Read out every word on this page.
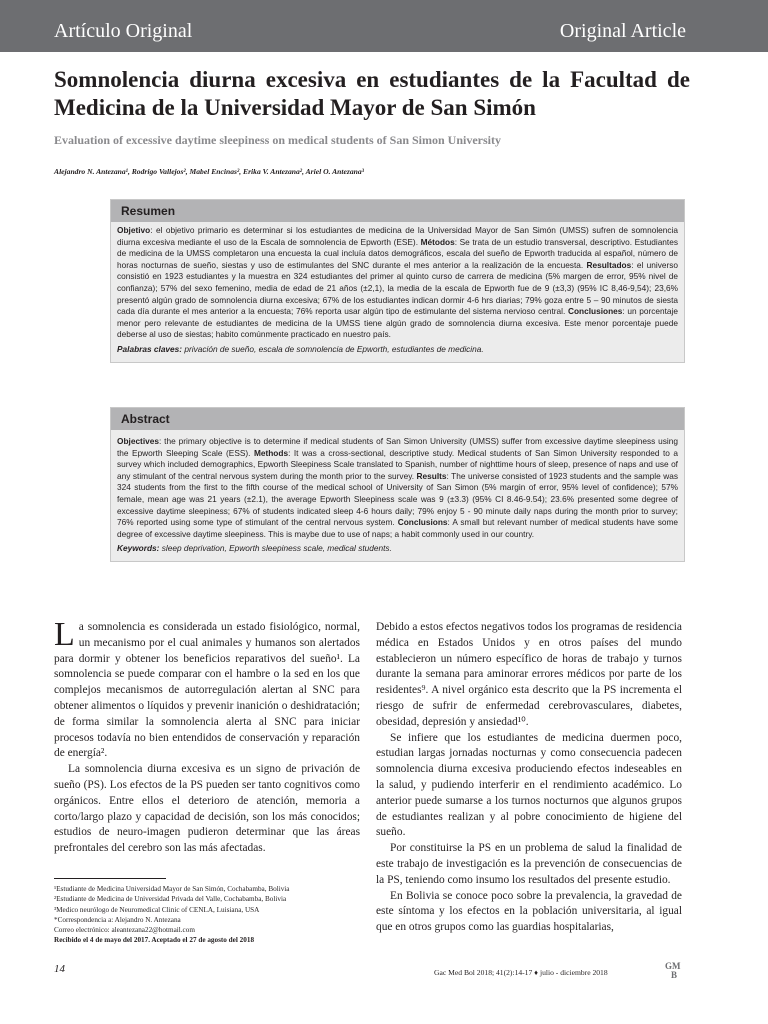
Artículo Original	Original Article
Somnolencia diurna excesiva en estudiantes de la Facultad de Medicina de la Universidad Mayor de San Simón
Evaluation of excessive daytime sleepiness on medical students of San Simon University
Alejandro N. Antezana¹, Rodrigo Vallejos², Mabel Encinas², Erika V. Antezana², Ariel O. Antezana³
Resumen
Objetivo: el objetivo primario es determinar si los estudiantes de medicina de la Universidad Mayor de San Simón (UMSS) sufren de somnolencia diurna excesiva mediante el uso de la Escala de somnolencia de Epworth (ESE). Métodos: Se trata de un estudio transversal, descriptivo. Estudiantes de medicina de la UMSS completaron una encuesta la cual incluía datos demográficos, escala del sueño de Epworth traducida al español, número de horas nocturnas de sueño, siestas y uso de estimulantes del SNC durante el mes anterior a la realización de la encuesta. Resultados: el universo consistió en 1923 estudiantes y la muestra en 324 estudiantes del primer al quinto curso de carrera de medicina (5% margen de error, 95% nivel de confianza); 57% del sexo femenino, media de edad de 21 años (±2,1), la media de la escala de Epworth fue de 9 (±3,3) (95% IC 8,46-9,54); 23,6% presentó algún grado de somnolencia diurna excesiva; 67% de los estudiantes indican dormir 4-6 hrs diarias; 79% goza entre 5 – 90 minutos de siesta cada día durante el mes anterior a la encuesta; 76% reporta usar algún tipo de estimulante del sistema nervioso central. Conclusiones: un porcentaje menor pero relevante de estudiantes de medicina de la UMSS tiene algún grado de somnolencia diurna excesiva. Este menor porcentaje puede deberse al uso de siestas; habito comúnmente practicado en nuestro país.
Palabras claves: privación de sueño, escala de somnolencia de Epworth, estudiantes de medicina.
Abstract
Objectives: the primary objective is to determine if medical students of San Simon University (UMSS) suffer from excessive daytime sleepiness using the Epworth Sleeping Scale (ESS). Methods: It was a cross-sectional, descriptive study. Medical students of San Simon University responded to a survey which included demographics, Epworth Sleepiness Scale translated to Spanish, number of nighttime hours of sleep, presence of naps and use of any stimulant of the central nervous system during the month prior to the survey. Results: The universe consisted of 1923 students and the sample was 324 students from the first to the fifth course of the medical school of University of San Simon (5% margin of error, 95% level of confidence); 57% female, mean age was 21 years (±2.1), the average Epworth Sleepiness scale was 9 (±3.3) (95% CI 8.46-9.54); 23.6% presented some degree of excessive daytime sleepiness; 67% of students indicated sleep 4-6 hours daily; 79% enjoy 5 - 90 minute daily naps during the month prior to survey; 76% reported using some type of stimulant of the central nervous system. Conclusions: A small but relevant number of medical students have some degree of excessive daytime sleepiness. This is maybe due to use of naps; a habit commonly used in our country.
Keywords: sleep deprivation, Epworth sleepiness scale, medical students.

La somnolencia es considerada un estado fisiológico, normal, un mecanismo por el cual animales y humanos son alertados para dormir y obtener los beneficios reparativos del sueño¹. La somnolencia se puede comparar con el hambre o la sed en los que complejos mecanismos de autorregulación alertan al SNC para obtener alimentos o líquidos y prevenir inanición o deshidratación; de forma similar la somnolencia alerta al SNC para iniciar procesos todavía no bien entendidos de conservación y reparación de energía².

La somnolencia diurna excesiva es un signo de privación de sueño (PS). Los efectos de la PS pueden ser tanto cognitivos como orgánicos. Entre ellos el deterioro de atención, memoria a corto/largo plazo y capacidad de decisión, son los más conocidos; estudios de neuro-imagen pudieron determinar que las áreas prefrontales del cerebro son las más afectadas.

Debido a estos efectos negativos todos los programas de residencia médica en Estados Unidos y en otros países del mundo establecieron un número específico de horas de trabajo y turnos durante la semana para aminorar errores médicos por parte de los residentes⁹. A nivel orgánico esta descrito que la PS incrementa el riesgo de sufrir de enfermedad cerebrovasculares, diabetes, obesidad, depresión y ansiedad¹⁰.

Se infiere que los estudiantes de medicina duermen poco, estudian largas jornadas nocturnas y como consecuencia padecen somnolencia diurna excesiva produciendo efectos indeseables en la salud, y pudiendo interferir en el rendimiento académico. Lo anterior puede sumarse a los turnos nocturnos que algunos grupos de estudiantes realizan y al pobre conocimiento de higiene del sueño.

Por constituirse la PS en un problema de salud la finalidad de este trabajo de investigación es la prevención de consecuencias de la PS, teniendo como insumo los resultados del presente estudio.

En Bolivia se conoce poco sobre la prevalencia, la gravedad de este síntoma y los efectos en la población universitaria, al igual que en otros grupos como las guardias hospitalarias,

¹Estudiante de Medicina Universidad Mayor de San Simón, Cochabamba, Bolivia
²Estudiante de Medicina de Universidad Privada del Valle, Cochabamba, Bolivia
³Medico neurólogo de Neuromedical Clinic of CENLA, Luisiana, USA
*Correspondencia a: Alejandro N. Antezana
Correo electrónico: aleantezana22@hotmail.com
Recibido el 4 de mayo del 2017. Aceptado el 27 de agosto del 2018
14	Gac Med Bol 2018; 41(2):14-17 ♦ julio - diciembre 2018
GM
B
